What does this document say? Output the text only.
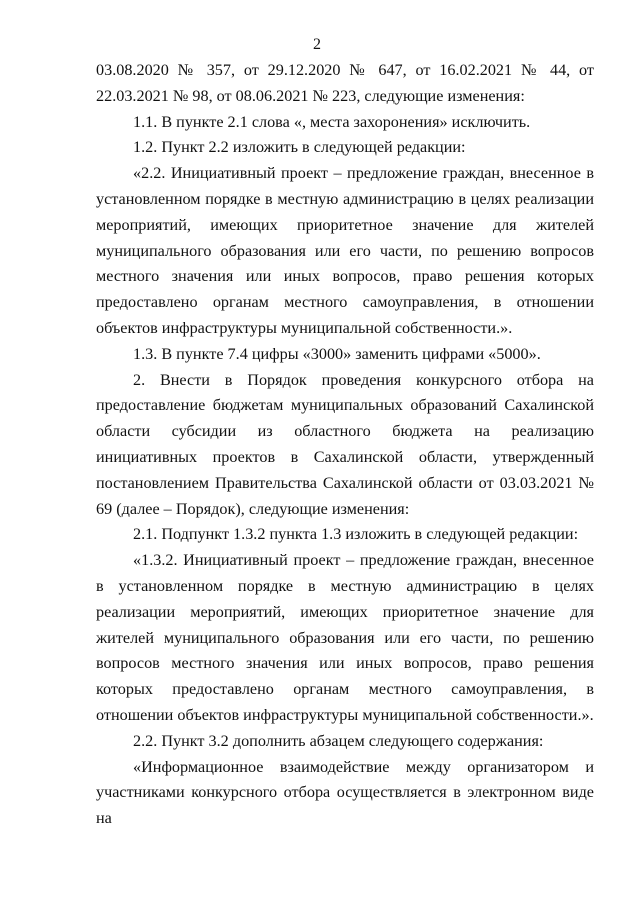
2

03.08.2020 № 357, от 29.12.2020 № 647, от 16.02.2021 № 44, от 22.03.2021 № 98, от 08.06.2021 № 223, следующие изменения:

1.1. В пункте 2.1 слова «, места захоронения» исключить.

1.2. Пункт 2.2 изложить в следующей редакции:

«2.2. Инициативный проект – предложение граждан, внесенное в установленном порядке в местную администрацию в целях реализации мероприятий, имеющих приоритетное значение для жителей муниципального образования или его части, по решению вопросов местного значения или иных вопросов, право решения которых предоставлено органам местного самоуправления, в отношении объектов инфраструктуры муниципальной собственности.».

1.3. В пункте 7.4 цифры «3000» заменить цифрами «5000».

2. Внести в Порядок проведения конкурсного отбора на предоставление бюджетам муниципальных образований Сахалинской области субсидии из областного бюджета на реализацию инициативных проектов в Сахалинской области, утвержденный постановлением Правительства Сахалинской области от 03.03.2021 № 69 (далее – Порядок), следующие изменения:

2.1. Подпункт 1.3.2 пункта 1.3 изложить в следующей редакции:

«1.3.2. Инициативный проект – предложение граждан, внесенное в установленном порядке в местную администрацию в целях реализации мероприятий, имеющих приоритетное значение для жителей муниципального образования или его части, по решению вопросов местного значения или иных вопросов, право решения которых предоставлено органам местного самоуправления, в отношении объектов инфраструктуры муниципальной собственности.».

2.2. Пункт 3.2 дополнить абзацем следующего содержания:

«Информационное взаимодействие между организатором и участниками конкурсного отбора осуществляется в электронном виде на
